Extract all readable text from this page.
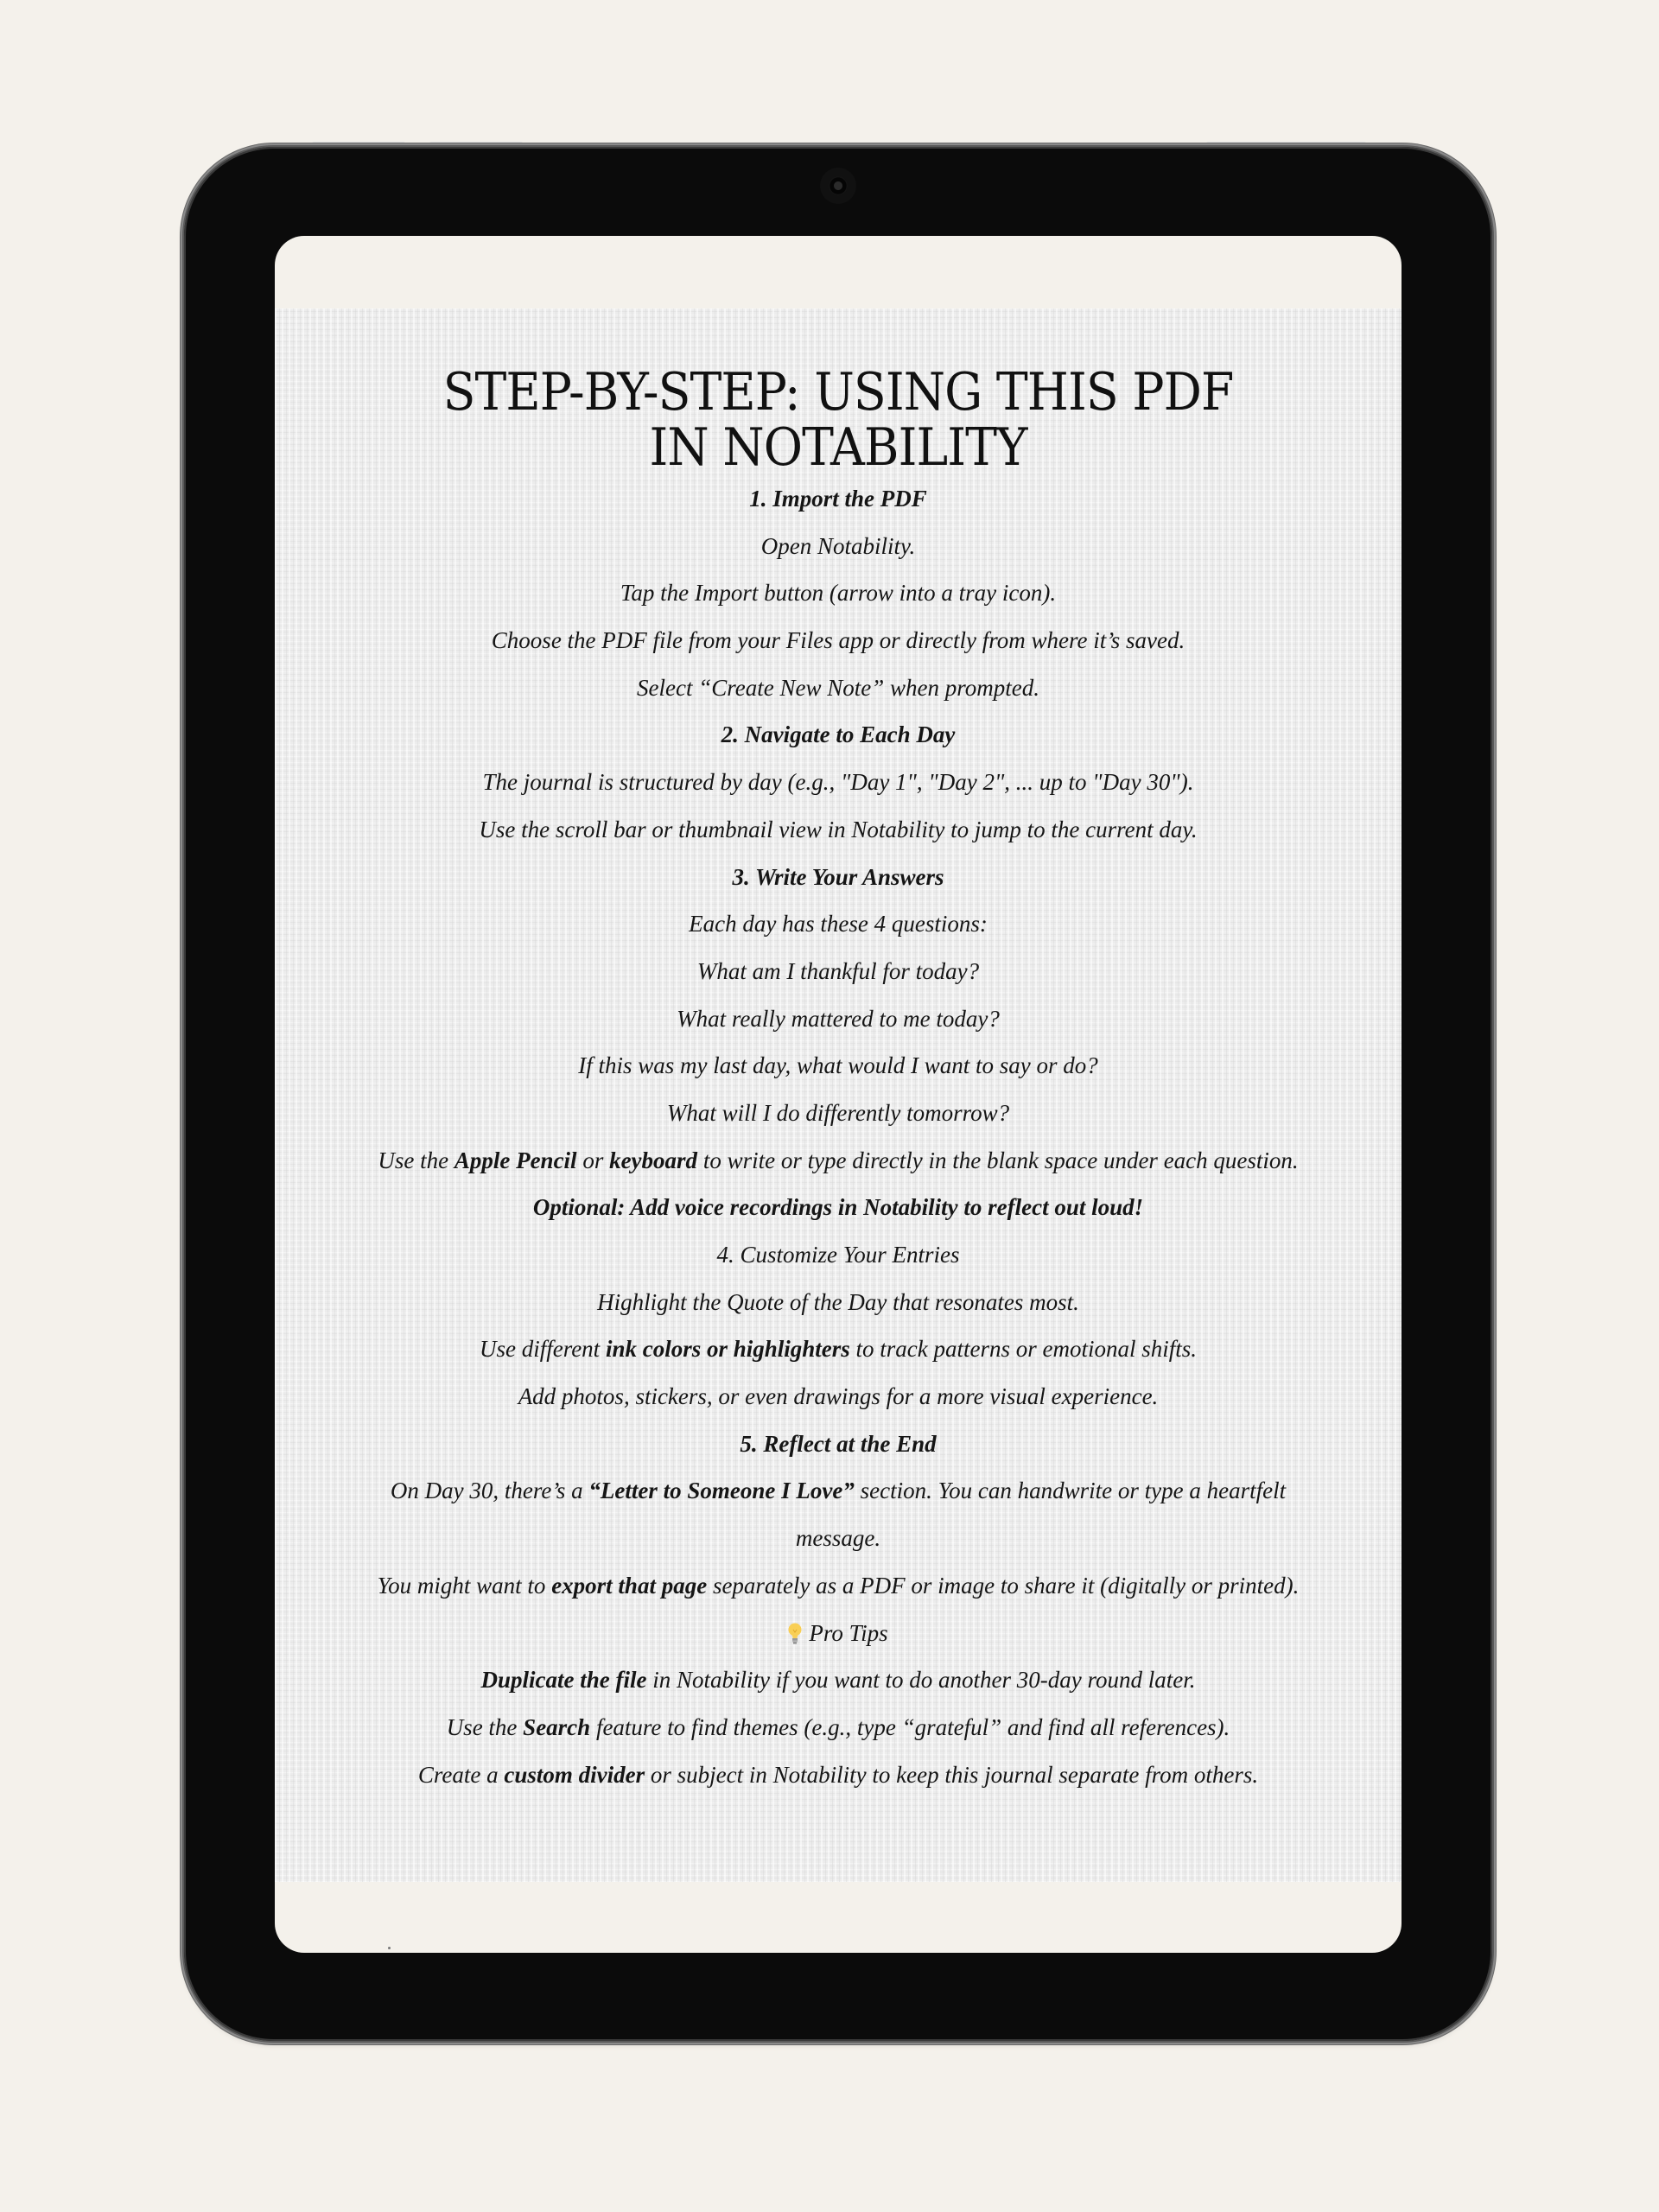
STEP-BY-STEP: USING THIS PDF
IN NOTABILITY
1. Import the PDF
Open Notability.
Tap the Import button (arrow into a tray icon).
Choose the PDF file from your Files app or directly from where it’s saved.
Select “Create New Note” when prompted.
2. Navigate to Each Day
The journal is structured by day (e.g., "Day 1", "Day 2", ... up to "Day 30").
Use the scroll bar or thumbnail view in Notability to jump to the current day.
3. Write Your Answers
Each day has these 4 questions:
What am I thankful for today?
What really mattered to me today?
If this was my last day, what would I want to say or do?
What will I do differently tomorrow?
Use the Apple Pencil or keyboard to write or type directly in the blank space under each question.
Optional: Add voice recordings in Notability to reflect out loud!
4. Customize Your Entries
Highlight the Quote of the Day that resonates most.
Use different ink colors or highlighters to track patterns or emotional shifts.
Add photos, stickers, or even drawings for a more visual experience.
5. Reflect at the End
On Day 30, there’s a “Letter to Someone I Love” section. You can handwrite or type a heartfelt
message.
You might want to export that page separately as a PDF or image to share it (digitally or printed).
Pro Tips
Duplicate the file in Notability if you want to do another 30-day round later.
Use the Search feature to find themes (e.g., type “grateful” and find all references).
Create a custom divider or subject in Notability to keep this journal separate from others.
